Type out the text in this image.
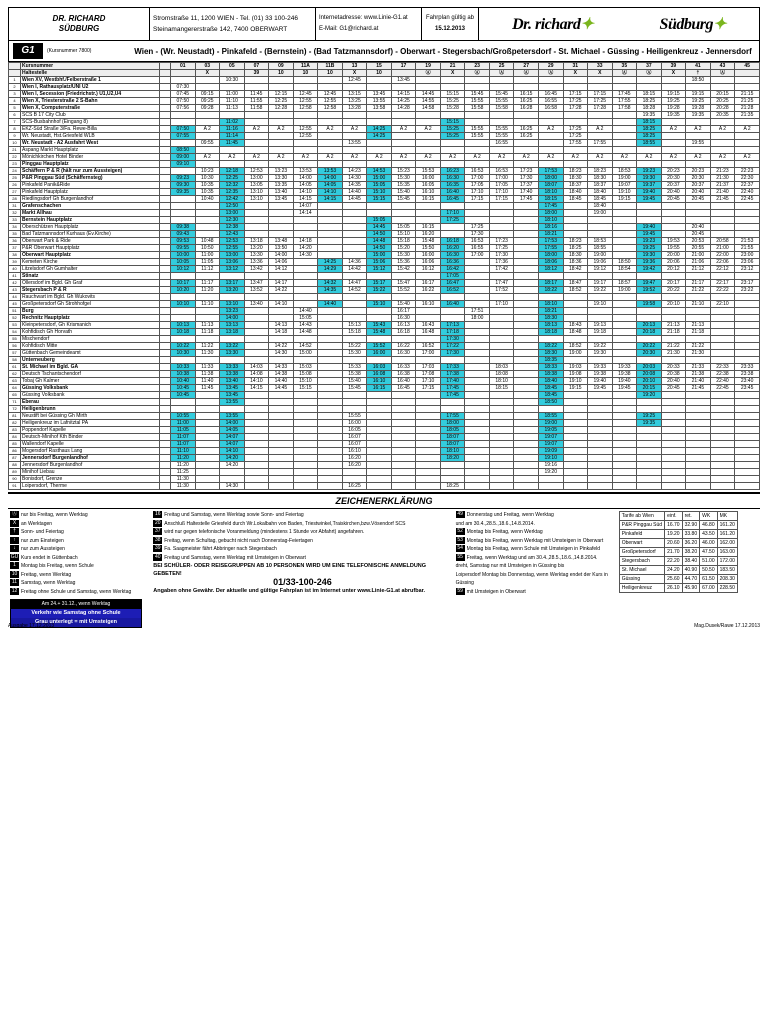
DR. RICHARD
SÜDBURG
Stromstraße 11, 1200 WIEN - Tel. (01) 33 100-246
Steinamangererstraße 142, 7400 OBERWART
Internetadresse: www.Linie-G1.at
E-Mail: G1@richard.at
Fahrplan gültig ab
15.12.2013	Dr. richard✦	Südburg✦
G1	(Kursnummer 7800)	Wien - (Wr. Neustadt) - Pinkafeld - (Bernstein) - (Bad Tatzmannsdorf) - Oberwart - Stegersbach/Großpetersdorf - St. Michael - Güssing - Heiligenkreuz - Jennersdorf
	Kursnummer		01	03	05	07	09	11A	11B	13	15	17	19	21	23	25	27	29	31	33	35	37	39	41	43	45
	Haltestelle			X		39	10	10	10	X	10		Ⓐ	X	Ⓐ	Ⓐ	Ⓐ	Ⓐ	X	X	Ⓐ	Ⓐ	X	†	Ⓐ	
1	Wien XV, Westbhf./Felberstraße 1				10:30					12:45		13:45												18:50		
2	Wien I, Rathausplatz/UNI U2		07:30																							
3	Wien I, Secession (Friedrichstr.) U1,U2,U4		07:45	09:15	11:00	11:45	12:15	12:45	12:45	13:15	13:45	14:15	14:45	15:15	15:45	15:45	16:15	16:45	17:15	17:15	17:45	18:15	19:15	19:15	20:15	21:15
4	Wien X, Triesterstraße 2 S-Bahn		07:50	09:25	11:10	11:55	12:25	12:55	12:55	13:25	13:55	14:25	14:55	15:25	15:55	15:55	16:25	16:55	17:25	17:25	17:55	18:25	19:25	19:25	20:25	21:25
5	Wien X, Computerstraße		07:56	09:28	11:13	11:58	12:28	12:58	12:58	13:28	13:58	14:28	14:58	15:28	15:58	15:58	16:28	16:58	17:28	17:28	17:58	18:28	19:28	19:28	20:28	21:28
6	SCS B 17 City Club																					19:35	19:35	19:35	20:35	21:35
7	SCS-Busbahnhof (Eingang 8)				11:02									15:15								18:15				
8	EKZ-Süd Straße 3/Fa. Rewe-Billa		07:50	A 2	11:16	A 2	A 2	12:55	A 2	A 2	14:25	A 2	A 2	15:25	15:55	15:55	16:25	A 2	17:25	A 2		18:25	A 2	A 2	A 2	A 2
9	Wr. Neustadt, Hst.Griesfeld WLB		07:55		11:14			12:55			14:25			15:25	15:55	15:55	16:25		17:25			18:25				
10	Wr. Neustadt - A2 Ausfahrt West			09:55	11:45					13:55						16:55			17:55	17:55		18:55		19:55		
21	Aspang Markt Hauptplatz		08:50																							
22	Mönichkirchen Hotel Binder		09:00	A 2	A 2	A 2	A 2	A 2	A 2	A 2	A 2	A 2	A 2	A 2	A 2	A 2	A 2	A 2	A 2	A 2	A 2	A 2	A 2	A 2	A 2	A 2
23	Pinggau Hauptplatz		09:10																							
24	Schäffern P & R (hält nur zum Aussteigen)			10:23	12:18	12:53	13:23	13:53	13:53	14:23	14:53	15:23	15:53	16:23	16:53	16:53	17:23	17:53	18:23	18:23	18:53	19:23	20:23	20:23	21:23	22:23
25	P&R Pinggau Süd (Schäffernsteg)		09:23	10:30	12:25	13:00	13:30	14:00	14:00	14:30	15:00	15:30	16:00	16:30	17:00	17:00	17:30	18:00	18:30	18:30	19:00	19:30	20:30	20:30	21:30	22:30
26	Pinkafeld Panik&Ride		09:30	10:35	12:32	13:05	13:35	14:05	14:05	14:35	15:05	15:35	16:05	16:35	17:05	17:05	17:37	18:07	18:37	18:37	19:07	19:37	20:37	20:37	21:37	22:37
27	Pinkafeld Hauptplatz		09:35	10:35	12:35	13:10	13:40	14:10	14:10	14:40	15:10	15:40	16:10	16:40	17:10	17:10	17:40	18:10	18:40	18:40	19:10	19:40	20:40	20:40	21:40	22:40
28	Riedlingsdorf Gh Burgenlandhof			10:40	12:42	13:10	13:45	14:15	14:15	14:45	15:15	15:45	16:15	16:45	17:15	17:15	17:45	18:15	18:45	18:45	19:15	19:45	20:45	20:45	21:45	22:45
31	Grafenschachen				12:50			14:07										17:45		18:40						
32	Markt Allhau				13:00			14:14						17:10				18:00		19:00						
33	Bernstein Hauptplatz				12:30						15:05			17:25				18:10								
34	Oberschützen Hauptplatz		09:38		12:38						14:45	15:05	16:15		17:25			18:16				19:40		20:40		
35	Bad Tatzmannsdorf Kurhaus (Ev.Kirche)		09:43		12:43						14:50	15:10	16:20		17:30			18:21				19:45		20:45		
36	Oberwart Park & Ride		09:53	10:48	12:53	13:18	13:48	14:18			14:48	15:18	15:48	16:18	16:53	17:23		17:53	18:23	18:53		19:23	19:53	20:53	20:58	21:53
37	P&R Oberwart Hauptplatz		09:55	10:50	12:55	13:20	13:50	14:20			14:50	15:20	15:50	16:20	16:55	17:25		17:55	18:25	18:55		19:25	19:55	20:55	21:00	21:55
38	Oberwart Hauptplatz		10:00	11:00	13:00	13:30	14:00	14:30			15:00	15:30	16:00	16:30	17:00	17:30		18:00	18:30	19:00		19:30	20:00	21:00	22:00	23:00
39	Kemeten Kirche		10:05	11:05	13:06	13:36	14:06		14:25	14:36	15:06	15:36	16:06	16:36		17:36		18:06	18:36	19:06	18:50	19:36	20:06	21:06	22:06	23:06
40	Litzelsdorf Gh Gumhalter		10:12	11:12	13:12	13:42	14:12		14:29	14:42	15:12	15:42	16:12	16:42		17:42		18:12	18:42	19:12	18:54	19:42	20:12	21:12	22:12	23:12
41	Stinatz													17:05												
42	Ollersdorf im Bgld. Gh Graf		10:17	11:17	13:17	13:47	14:17		14:32	14:47	15:17	15:47	16:17	16:47		17:47		18:17	18:47	19:17	18:57	19:47	20:17	21:17	22:17	23:17
43	Stegersbach P & R		10:20	11:20	13:20	13:52	14:22		14:35	14:52	15:22	15:52	16:22	16:52		17:52		18:22	18:52	19:22	19:00	19:52	20:22	21:22	22:22	23:22
44	Rauchwart im Bgld. Gh Wukovits																									
45	Großpetersdorf Gh Strohhofgel		10:10	11:10	13:10	13:40	14:10		14:40		15:10	15:40	16:10	16:40		17:10		18:10		19:10		19:58	20:10	21:10	22:10	
51	Burg				13:23			14:40				16:17			17:51			18:21								
52	Rechnitz Hauptplatz				14:00			15:05				16:30			18:00			18:30								
53	Kleinpetersdorf, Gh Krismanich		10:13	11:13	13:13		14:13	14:43		15:13	15:43	16:13	16:43	17:13				18:13	18:43	19:13		20:13	21:13	21:13		
54	Kohfidisch Gh Horvath		10:18	11:18	13:18		14:18	14:48		15:18	15:48	16:18	16:48	17:18				18:18	18:48	19:18		20:18	21:18	21:18		
55	Mischendorf													17:30												
56	Kohfidisch Mitte		10:22	11:22	13:22		14:22	14:52		15:22	15:52	16:22	16:52	17:22				18:22	18:52	19:22		20:22	21:22	21:22		
57	Güttenbach Gemeindeamt		10:30	11:30	13:30		14:30	15:00		15:30	16:00	16:30	17:00	17:30				18:30	19:00	19:30		20:30	21:30	21:30		
58	Unterneuberg																	18:35								
61	St. Michael im Bgld. GA		10:33	11:33	13:33	14:03	14:33	15:03		15:33	16:03	16:33	17:03	17:33		18:03		18:33	19:03	19:33	19:33	20:03	20:33	21:33	22:33	23:33
62	Deutsch Tschantschendorf		10:38	11:38	13:38	14:08	14:38	15:08		15:38	16:08	16:38	17:08	17:38		18:08		18:38	19:08	19:38	19:38	20:08	20:38	21:38	22:38	23:38
63	Tobaj Gh Kalmer		10:40	11:40	13:40	14:10	14:40	15:10		15:40	16:10	16:40	17:10	17:40		18:10		18:40	19:10	19:40	19:40	20:10	20:40	21:40	22:40	23:40
64	Güssing Volksbank		10:45	11:45	13:45	14:15	14:45	15:15		15:45	16:15	16:45	17:15	17:45		18:15		18:45	19:15	19:45	19:45	20:15	20:45	21:45	22:45	23:45
65	Güssing Volksbank		10:45		13:45									17:45				18:45				19:20				
71	Eberau				13:55													18:50								
72	Heiligenbrunn																									
81	Neustift bei Güssing Gh Mirth		10:55		13:55					15:55				17:55				18:55				19:25				
82	Heiligenkreuz im Lafnitztal PA		11:00		14:00					16:00				18:00				19:00				19:35				
83	Poppendorf Kapelle		11:05		14:05					16:05				18:05				19:05								
84	Deutsch-Minihof Kth Binder		11:07		14:07					16:07				18:07				19:07								
85	Wallendorf Kapelle		11:07		14:07					16:07				18:07				19:07								
86	Mogersdorf Rasthaus Lang		11:10		14:10					16:10				18:10				19:09								
87	Jennersdorf Burgenlandhof		11:20		14:20					16:20				18:20				19:10								
88	Jennersdorf Burgenlandhof		11:20		14:20					16:20								19:16								
89	Minihof Liebau		11:25															19:20								
90	Bonisdorf, Grenze		11:30																							
91	Loipersdorf, Therme		11:30		14:30					16:25				18:25												
ZEICHENERKLÄRUNG
Ⓐ nur bis Freitag, wenn Werktag
X an Werktagen
† Sonn- und Feiertag
↑ nur zum Einsteigen
↓ nur zum Aussteigen
GÜ Kurs endet in Güttenbach
1 Montag bis Freitag, wenn Schule
10 Freitag, wenn Werktag
11 Samstag, wenn Werktag
12 Freitag ohne Schule und Samstag, wenn Werktag
Am 24.+ 31.12., wenn Werktag
Verkehr wie Samstag ohne Schule
Grau unterlegt = mit Umsteigen
16 Freitag und Samstag, wenn Werktag sowie Sonn- und Feiertag
20 Anschluß Haltestelle Griesfeld durch Wr.Lokalbahn von Baden, Triestwinkel,Traiskirchen,bzw.Vösendorf SCS
37 wird nur gegen telefonische Voranmeldung (mindestens 1 Stunde vor Abfahrt) angefahren.
38 Freitag, wenn Schultag, gebucht nicht nach Donnerstag-Feiertagen
39 Fa. Saagmeister fährt Abbringer nach Stegersbach
40 Freitag und Samstag, wenn Werktag mit Umsteigen in Oberwart
BEI SCHÜLER- ODER REISEGRUPPEN AB 10 PERSONEN WIRD UM EINE TELEFONISCHE ANMELDUNG GEBETEN!
01/33-100-246
Angaben ohne Gewähr. Der aktuelle und gültige Fahrplan ist im Internet unter www.Linie-G1.at abrufbar.
49 Donnerstag und Freitag, wenn Werktag
und am 30.4.,28.5.,18.6.,14.8.2014.
52 Montag bis Freitag, wenn Werktag
53 Montag bis Freitag, wenn Werktag mit Umsteigen in Oberwart
54 Montag bis Freitag, wenn Schule mit Umsteigen in Pinkafeld
55 Freitag, wenn Werktag und am 30.4.,28.5.,18.6.,14.8.2014.
dreht, Samstag nur mit Umsteigen in Güssing bis
Loipersdorf Montag bis Donnerstag, wenn Werktag endet der Kurs in Güssing
59 mit Umsteigen in Oberwart
Tarife ab Wien	einf.	ret.	WK	MK
P&R Pinggau Süd	16.70	32.90	46.80	161.20
Pinkafeld	19.20	33.80	43.50	161.20
Oberwart	20.60	36.20	46.00	162.00
Großpetersdorf	21.70	38.20	47.50	163.00
Stegersbach	22.20	38.40	51.00	172.00
St. Michael	24.20	40.90	50.50	183.50
Güssing	25.60	44.70	61.50	208.30
Heiligenkreuz	26.10	45.90	67.00	228.50
Ausgabe 17.12.2013	Mag.Dusek/Rawe 17.12.2013
